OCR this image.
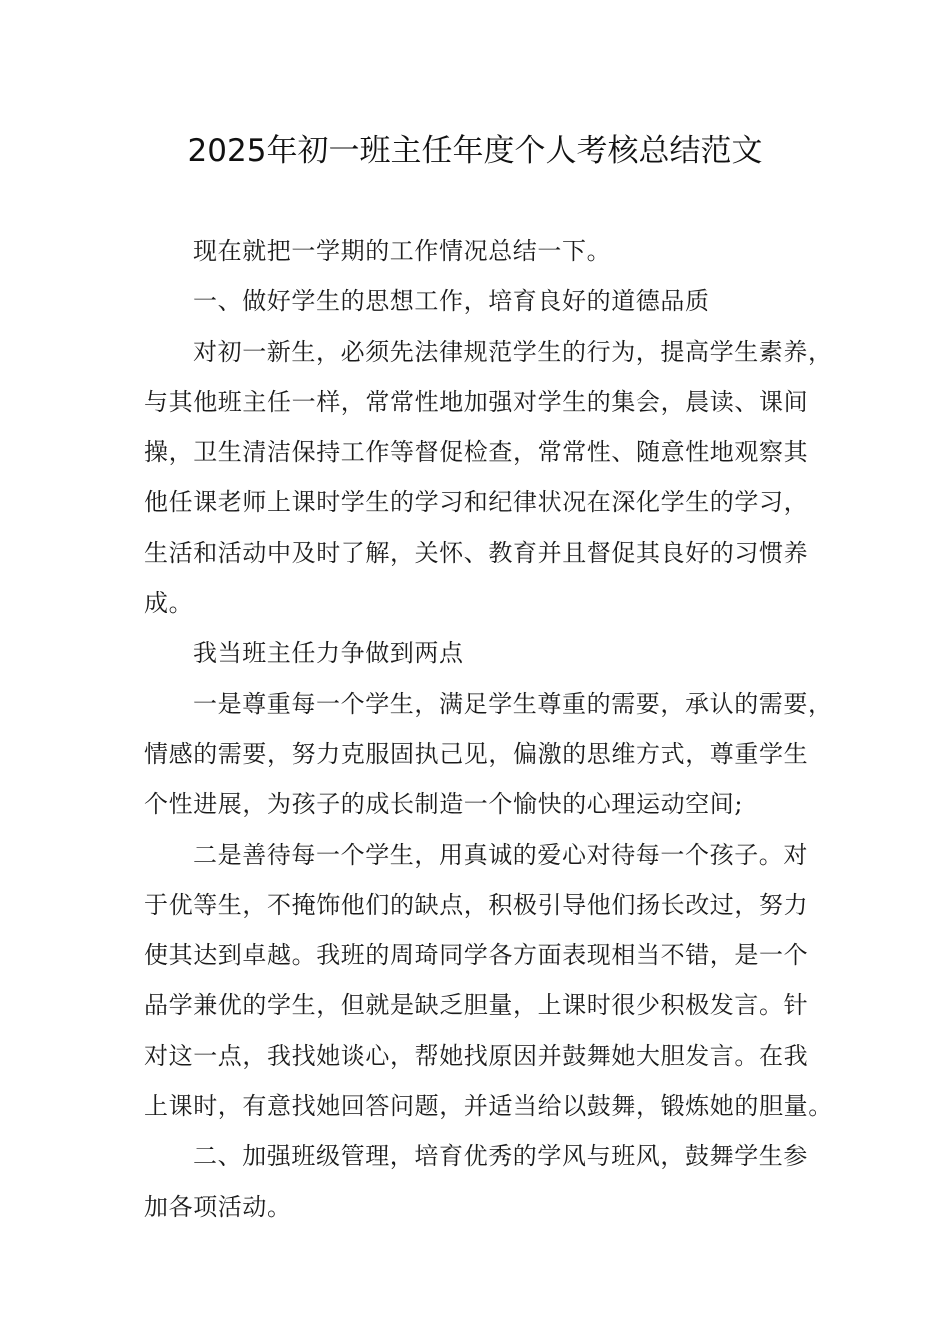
2025年初一班主任年度个人考核总结范文
现在就把一学期的工作情况总结一下。
一、做好学生的思想工作，培育良好的道德品质
对初一新生，必须先法律规范学生的行为，提高学生素养，
与其他班主任一样，常常性地加强对学生的集会，晨读、课间
操，卫生清洁保持工作等督促检查，常常性、随意性地观察其
他任课老师上课时学生的学习和纪律状况在深化学生的学习，
生活和活动中及时了解，关怀、教育并且督促其良好的习惯养
成。
我当班主任力争做到两点
一是尊重每一个学生，满足学生尊重的需要，承认的需要，
情感的需要，努力克服固执己见，偏激的思维方式，尊重学生
个性进展，为孩子的成长制造一个愉快的心理运动空间;
二是善待每一个学生，用真诚的爱心对待每一个孩子。对
于优等生，不掩饰他们的缺点，积极引导他们扬长改过，努力
使其达到卓越。我班的周琦同学各方面表现相当不错，是一个
品学兼优的学生，但就是缺乏胆量，上课时很少积极发言。针
对这一点，我找她谈心，帮她找原因并鼓舞她大胆发言。在我
上课时，有意找她回答问题，并适当给以鼓舞，锻炼她的胆量。
二、加强班级管理，培育优秀的学风与班风，鼓舞学生参
加各项活动。
